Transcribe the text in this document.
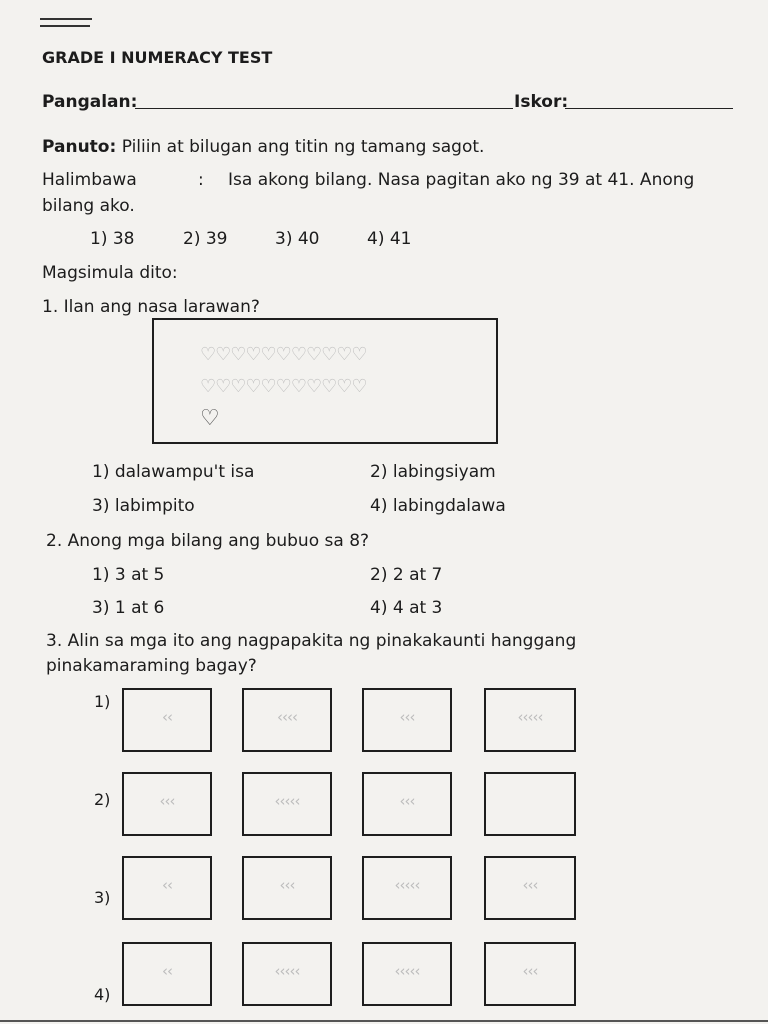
GRADE I NUMERACY TEST
Pangalan:	Iskor:
Panuto: Piliin at bilugan ang titin ng tamang sagot.
Halimbawa	: Isa akong bilang. Nasa pagitan ako ng 39 at 41. Anong
bilang ako.
1) 38	2) 39	3) 40	4) 41
Magsimula dito:
1. Ilan ang nasa larawan?
♡♡♡♡♡♡♡♡♡♡♡
♡♡♡♡♡♡♡♡♡♡♡
♡
1) dalawampu't isa	2) labingsiyam
3) labimpito	4) labingdalawa
2. Anong mga bilang ang bubuo sa 8?
1) 3 at 5	2) 2 at 7
3) 1 at 6	4) 4 at 3
3. Alin sa mga ito ang nagpapakita ng pinakakaunti hanggang
pinakamaraming bagay?
1)
‹‹	‹‹‹‹	‹‹‹	‹‹‹‹‹
2)	‹‹‹	‹‹‹‹‹	‹‹‹
3)
‹‹	‹‹‹	‹‹‹‹‹	‹‹‹
4)
‹‹	‹‹‹‹‹	‹‹‹‹‹	‹‹‹
